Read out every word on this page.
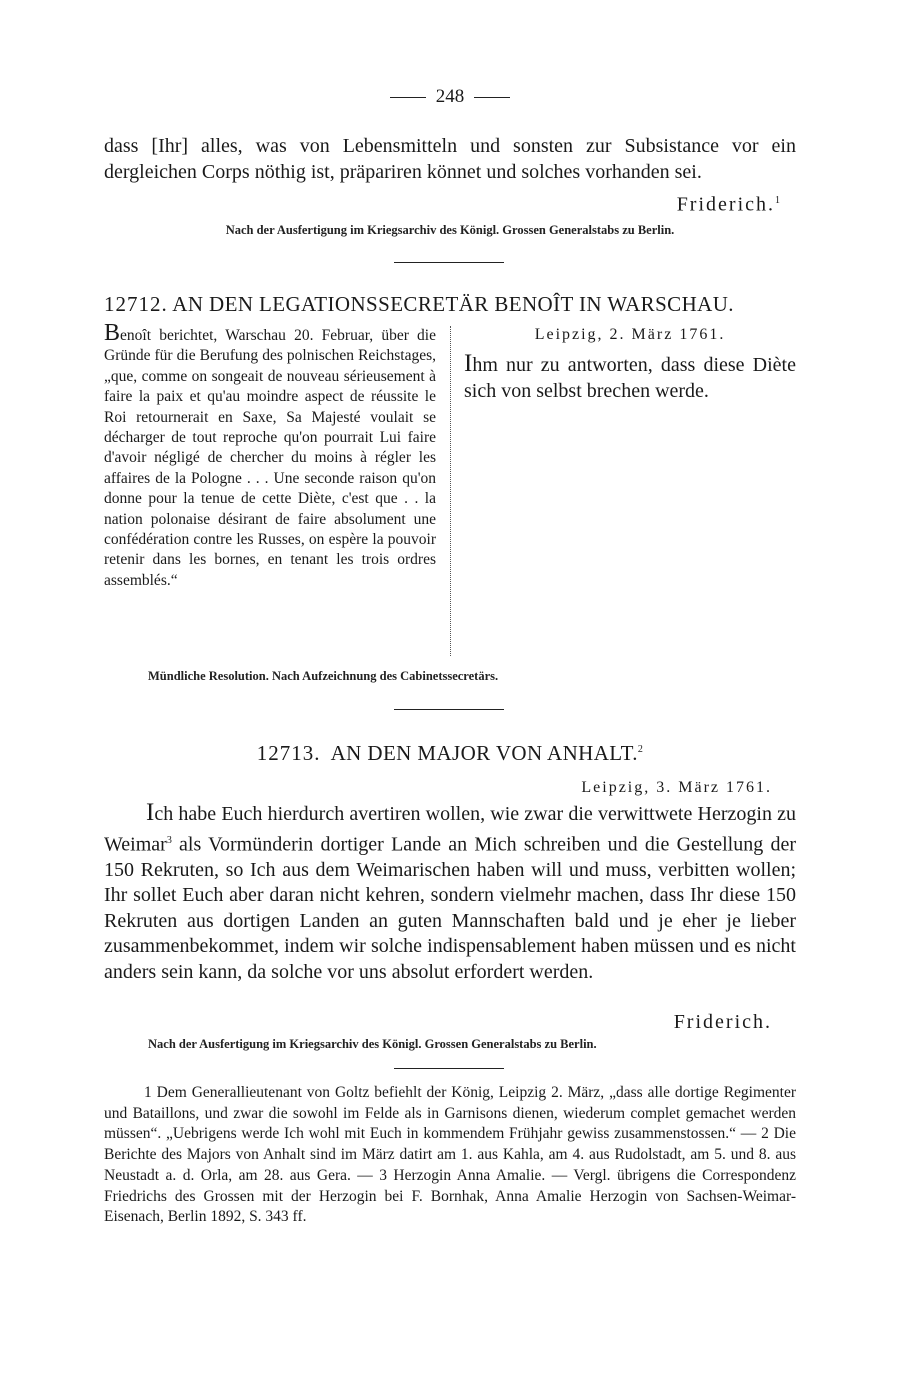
248

dass [Ihr] alles, was von Lebensmitteln und sonsten zur Subsistance vor ein dergleichen Corps nöthig ist, präpariren könnet und solches vorhanden sei.

Friderich.$^1$
Nach der Ausfertigung im Kriegsarchiv des Königl. Grossen Generalstabs zu Berlin.
12712. AN DEN LEGATIONSSECRETÄR BENOÎT IN WARSCHAU.
Benoît berichtet, Warschau 20. Februar, über die Gründe für die Berufung des polnischen Reichstages, „que, comme on songeait de nouveau sérieusement à faire la paix et qu'au moindre aspect de réussite le Roi retournerait en Saxe, Sa Majesté voulait se décharger de tout reproche qu'on pourrait Lui faire d'avoir négligé de chercher du moins à régler les affaires de la Pologne . . . Une seconde raison qu'on donne pour la tenue de cette Diète, c'est que . . la nation polonaise désirant de faire absolument une confédération contre les Russes, on espère la pouvoir retenir dans les bornes, en tenant les trois ordres assemblés.“
Leipzig, 2. März 1761.

Ihm nur zu antworten, dass diese Diète sich von selbst brechen werde.

Mündliche Resolution. Nach Aufzeichnung des Cabinetssecretärs.
12713. AN DEN MAJOR VON ANHALT.$^2$
Leipzig, 3. März 1761.

Ich habe Euch hierdurch avertiren wollen, wie zwar die verwittwete Herzogin zu Weimar$^3$ als Vormünderin dortiger Lande an Mich schreiben und die Gestellung der 150 Rekruten, so Ich aus dem Weimarischen haben will und muss, verbitten wollen; Ihr sollet Euch aber daran nicht kehren, sondern vielmehr machen, dass Ihr diese 150 Rekruten aus dortigen Landen an guten Mannschaften bald und je eher je lieber zusammenbekommet, indem wir solche indispensablement haben müssen und es nicht anders sein kann, da solche vor uns absolut erfordert werden.

Friderich.
Nach der Ausfertigung im Kriegsarchiv des Königl. Grossen Generalstabs zu Berlin.

1 Dem Generallieutenant von Goltz befiehlt der König, Leipzig 2. März, „dass alle dortige Regimenter und Bataillons, und zwar die sowohl im Felde als in Garnisons dienen, wiederum complet gemachet werden müssen“. „Uebrigens werde Ich wohl mit Euch in kommendem Frühjahr gewiss zusammenstossen.“ — 2 Die Berichte des Majors von Anhalt sind im März datirt am 1. aus Kahla, am 4. aus Rudolstadt, am 5. und 8. aus Neustadt a. d. Orla, am 28. aus Gera. — 3 Herzogin Anna Amalie. — Vergl. übrigens die Correspondenz Friedrichs des Grossen mit der Herzogin bei F. Bornhak, Anna Amalie Herzogin von Sachsen-Weimar-Eisenach, Berlin 1892, S. 343 ff.
